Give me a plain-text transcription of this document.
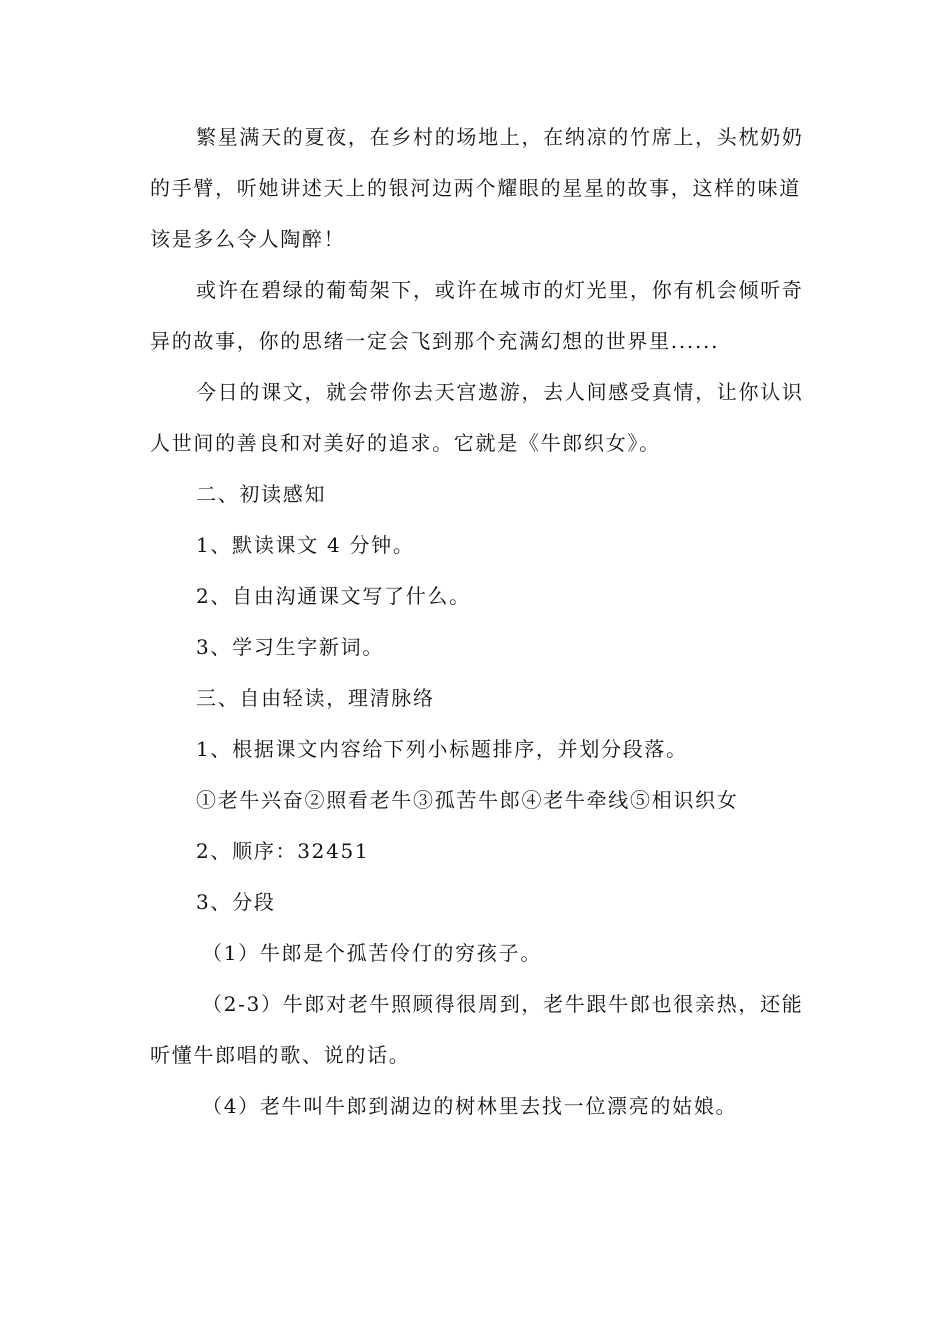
繁星满天的夏夜，在乡村的场地上，在纳凉的竹席上，头枕奶奶的手臂，听她讲述天上的银河边两个耀眼的星星的故事，这样的味道该是多么令人陶醉！

或许在碧绿的葡萄架下，或许在城市的灯光里，你有机会倾听奇异的故事，你的思绪一定会飞到那个充满幻想的世界里......

今日的课文，就会带你去天宫遨游，去人间感受真情，让你认识人世间的善良和对美好的追求。它就是《牛郎织女》。

二、初读感知

1、默读课文 4 分钟。

2、自由沟通课文写了什么。

3、学习生字新词。

三、自由轻读，理清脉络

1、根据课文内容给下列小标题排序，并划分段落。

①老牛兴奋②照看老牛③孤苦牛郎④老牛牵线⑤相识织女

2、顺序：32451

3、分段

（1）牛郎是个孤苦伶仃的穷孩子。

（2-3）牛郎对老牛照顾得很周到，老牛跟牛郎也很亲热，还能听懂牛郎唱的歌、说的话。

（4）老牛叫牛郎到湖边的树林里去找一位漂亮的姑娘。
